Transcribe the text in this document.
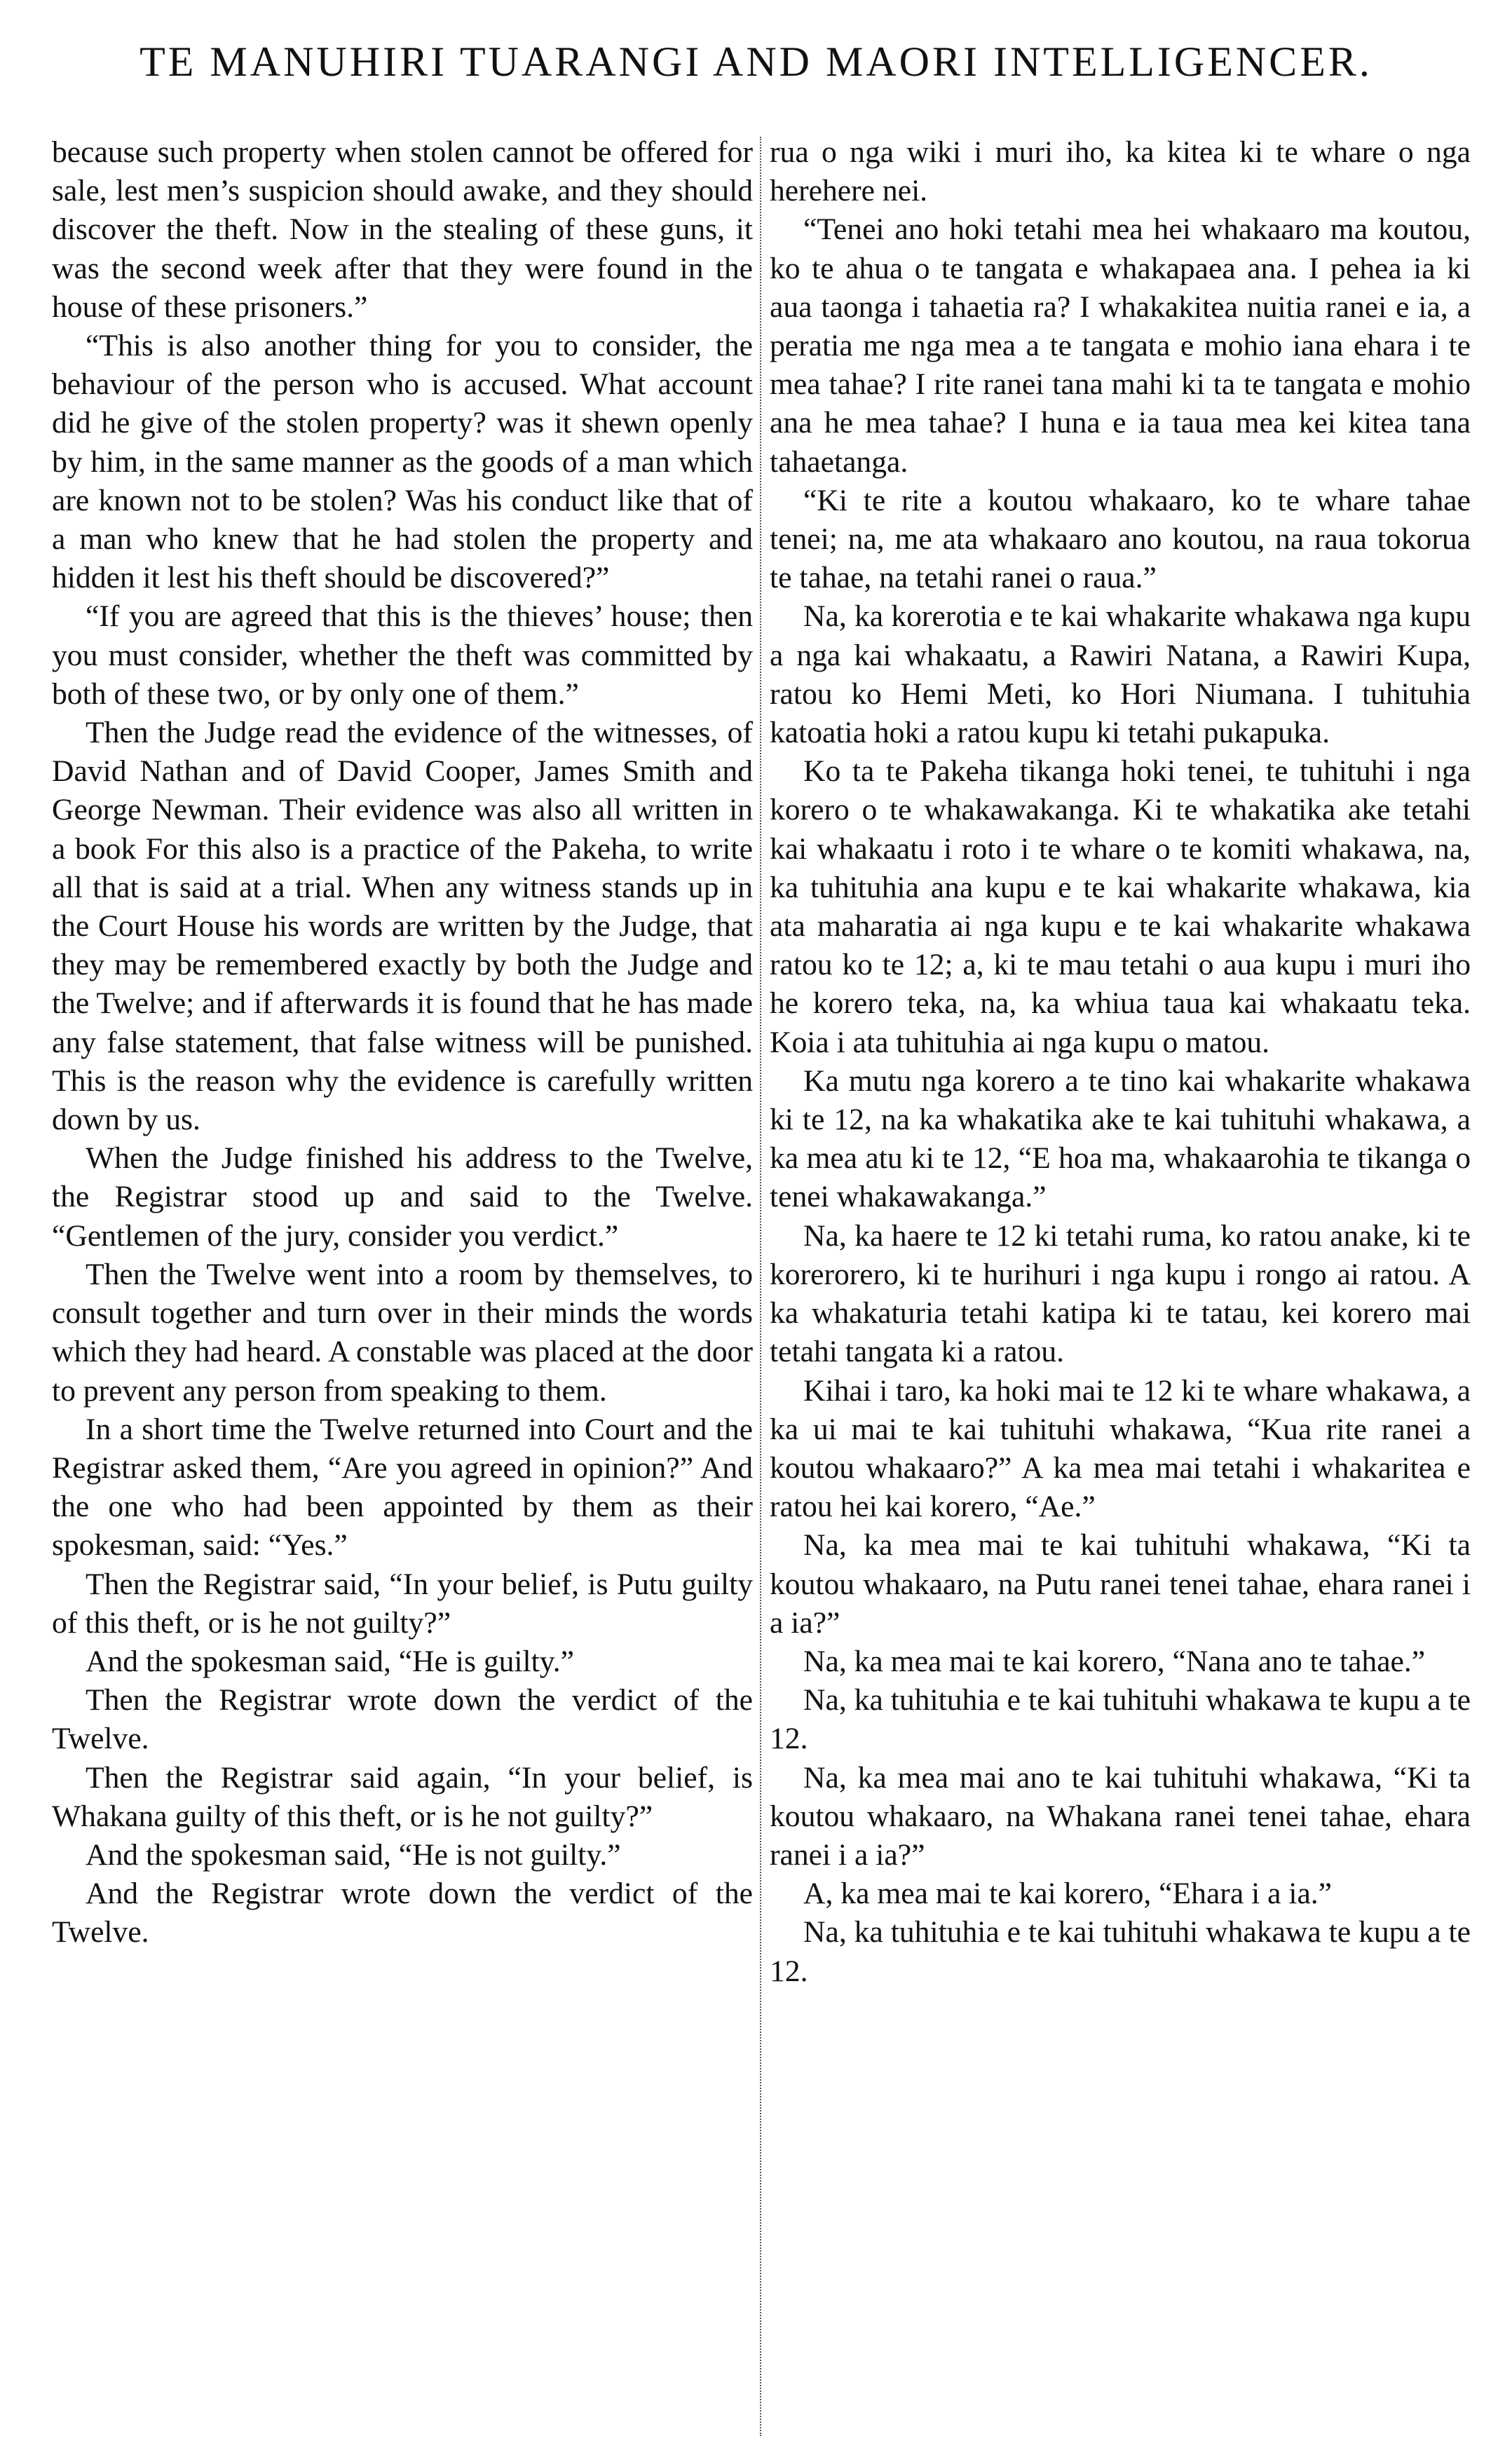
TE MANUHIRI TUARANGI AND MAORI INTELLIGENCER.

because such property when stolen cannot be offered for sale, lest men’s suspicion should awake, and they should discover the theft. Now in the stealing of these guns, it was the second week after that they were found in the house of these prisoners.”

“This is also another thing for you to consider, the behaviour of the person who is accused. What account did he give of the stolen property? was it shewn openly by him, in the same manner as the goods of a man which are known not to be stolen? Was his conduct like that of a man who knew that he had stolen the property and hidden it lest his theft should be discovered?”

“If you are agreed that this is the thieves’ house; then you must consider, whether the theft was committed by both of these two, or by only one of them.”

Then the Judge read the evidence of the witnesses, of David Nathan and of David Cooper, James Smith and George Newman. Their evidence was also all written in a book For this also is a practice of the Pakeha, to write all that is said at a trial. When any witness stands up in the Court House his words are written by the Judge, that they may be remembered exactly by both the Judge and the Twelve; and if afterwards it is found that he has made any false statement, that false witness will be punished. This is the reason why the evidence is carefully written down by us.

When the Judge finished his address to the Twelve, the Registrar stood up and said to the Twelve. “Gentlemen of the jury, consider you verdict.”

Then the Twelve went into a room by themselves, to consult together and turn over in their minds the words which they had heard. A constable was placed at the door to prevent any person from speaking to them.

In a short time the Twelve returned into Court and the Registrar asked them, “Are you agreed in opinion?” And the one who had been appointed by them as their spokesman, said: “Yes.”

Then the Registrar said, “In your belief, is Putu guilty of this theft, or is he not guilty?”

And the spokesman said, “He is guilty.”

Then the Registrar wrote down the verdict of the Twelve.

Then the Registrar said again, “In your belief, is Whakana guilty of this theft, or is he not guilty?”

And the spokesman said, “He is not guilty.”

And the Registrar wrote down the verdict of the Twelve.

rua o nga wiki i muri iho, ka kitea ki te whare o nga herehere nei.

“Tenei ano hoki tetahi mea hei whakaaro ma koutou, ko te ahua o te tangata e whakapaea ana. I pehea ia ki aua taonga i tahaetia ra? I whakakitea nuitia ranei e ia, a peratia me nga mea a te tangata e mohio iana ehara i te mea tahae? I rite ranei tana mahi ki ta te tangata e mohio ana he mea tahae? I huna e ia taua mea kei kitea tana tahaetanga.

“Ki te rite a koutou whakaaro, ko te whare tahae tenei; na, me ata whakaaro ano koutou, na raua tokorua te tahae, na tetahi ranei o raua.”

Na, ka korerotia e te kai whakarite whakawa nga kupu a nga kai whakaatu, a Rawiri Natana, a Rawiri Kupa, ratou ko Hemi Meti, ko Hori Niumana. I tuhituhia katoatia hoki a ratou kupu ki tetahi pukapuka.

Ko ta te Pakeha tikanga hoki tenei, te tuhituhi i nga korero o te whakawakanga. Ki te whakatika ake tetahi kai whakaatu i roto i te whare o te komiti whakawa, na, ka tuhituhia ana kupu e te kai whakarite whakawa, kia ata maharatia ai nga kupu e te kai whakarite whakawa ratou ko te 12; a, ki te mau tetahi o aua kupu i muri iho he korero teka, na, ka whiua taua kai whakaatu teka. Koia i ata tuhituhia ai nga kupu o matou.

Ka mutu nga korero a te tino kai whakarite whakawa ki te 12, na ka whakatika ake te kai tuhituhi whakawa, a ka mea atu ki te 12, “E hoa ma, whakaarohia te tikanga o tenei whakawakanga.”

Na, ka haere te 12 ki tetahi ruma, ko ratou anake, ki te korerorero, ki te hurihuri i nga kupu i rongo ai ratou. A ka whakaturia tetahi katipa ki te tatau, kei korero mai tetahi tangata ki a ratou.

Kihai i taro, ka hoki mai te 12 ki te whare whakawa, a ka ui mai te kai tuhituhi whakawa, “Kua rite ranei a koutou whakaaro?” A ka mea mai tetahi i whakaritea e ratou hei kai korero, “Ae.”

Na, ka mea mai te kai tuhituhi whakawa, “Ki ta koutou whakaaro, na Putu ranei tenei tahae, ehara ranei i a ia?”

Na, ka mea mai te kai korero, “Nana ano te tahae.”

Na, ka tuhituhia e te kai tuhituhi whakawa te kupu a te 12.

Na, ka mea mai ano te kai tuhituhi whakawa, “Ki ta koutou whakaaro, na Whakana ranei tenei tahae, ehara ranei i a ia?”

A, ka mea mai te kai korero, “Ehara i a ia.”

Na, ka tuhituhia e te kai tuhituhi whakawa te kupu a te 12.
